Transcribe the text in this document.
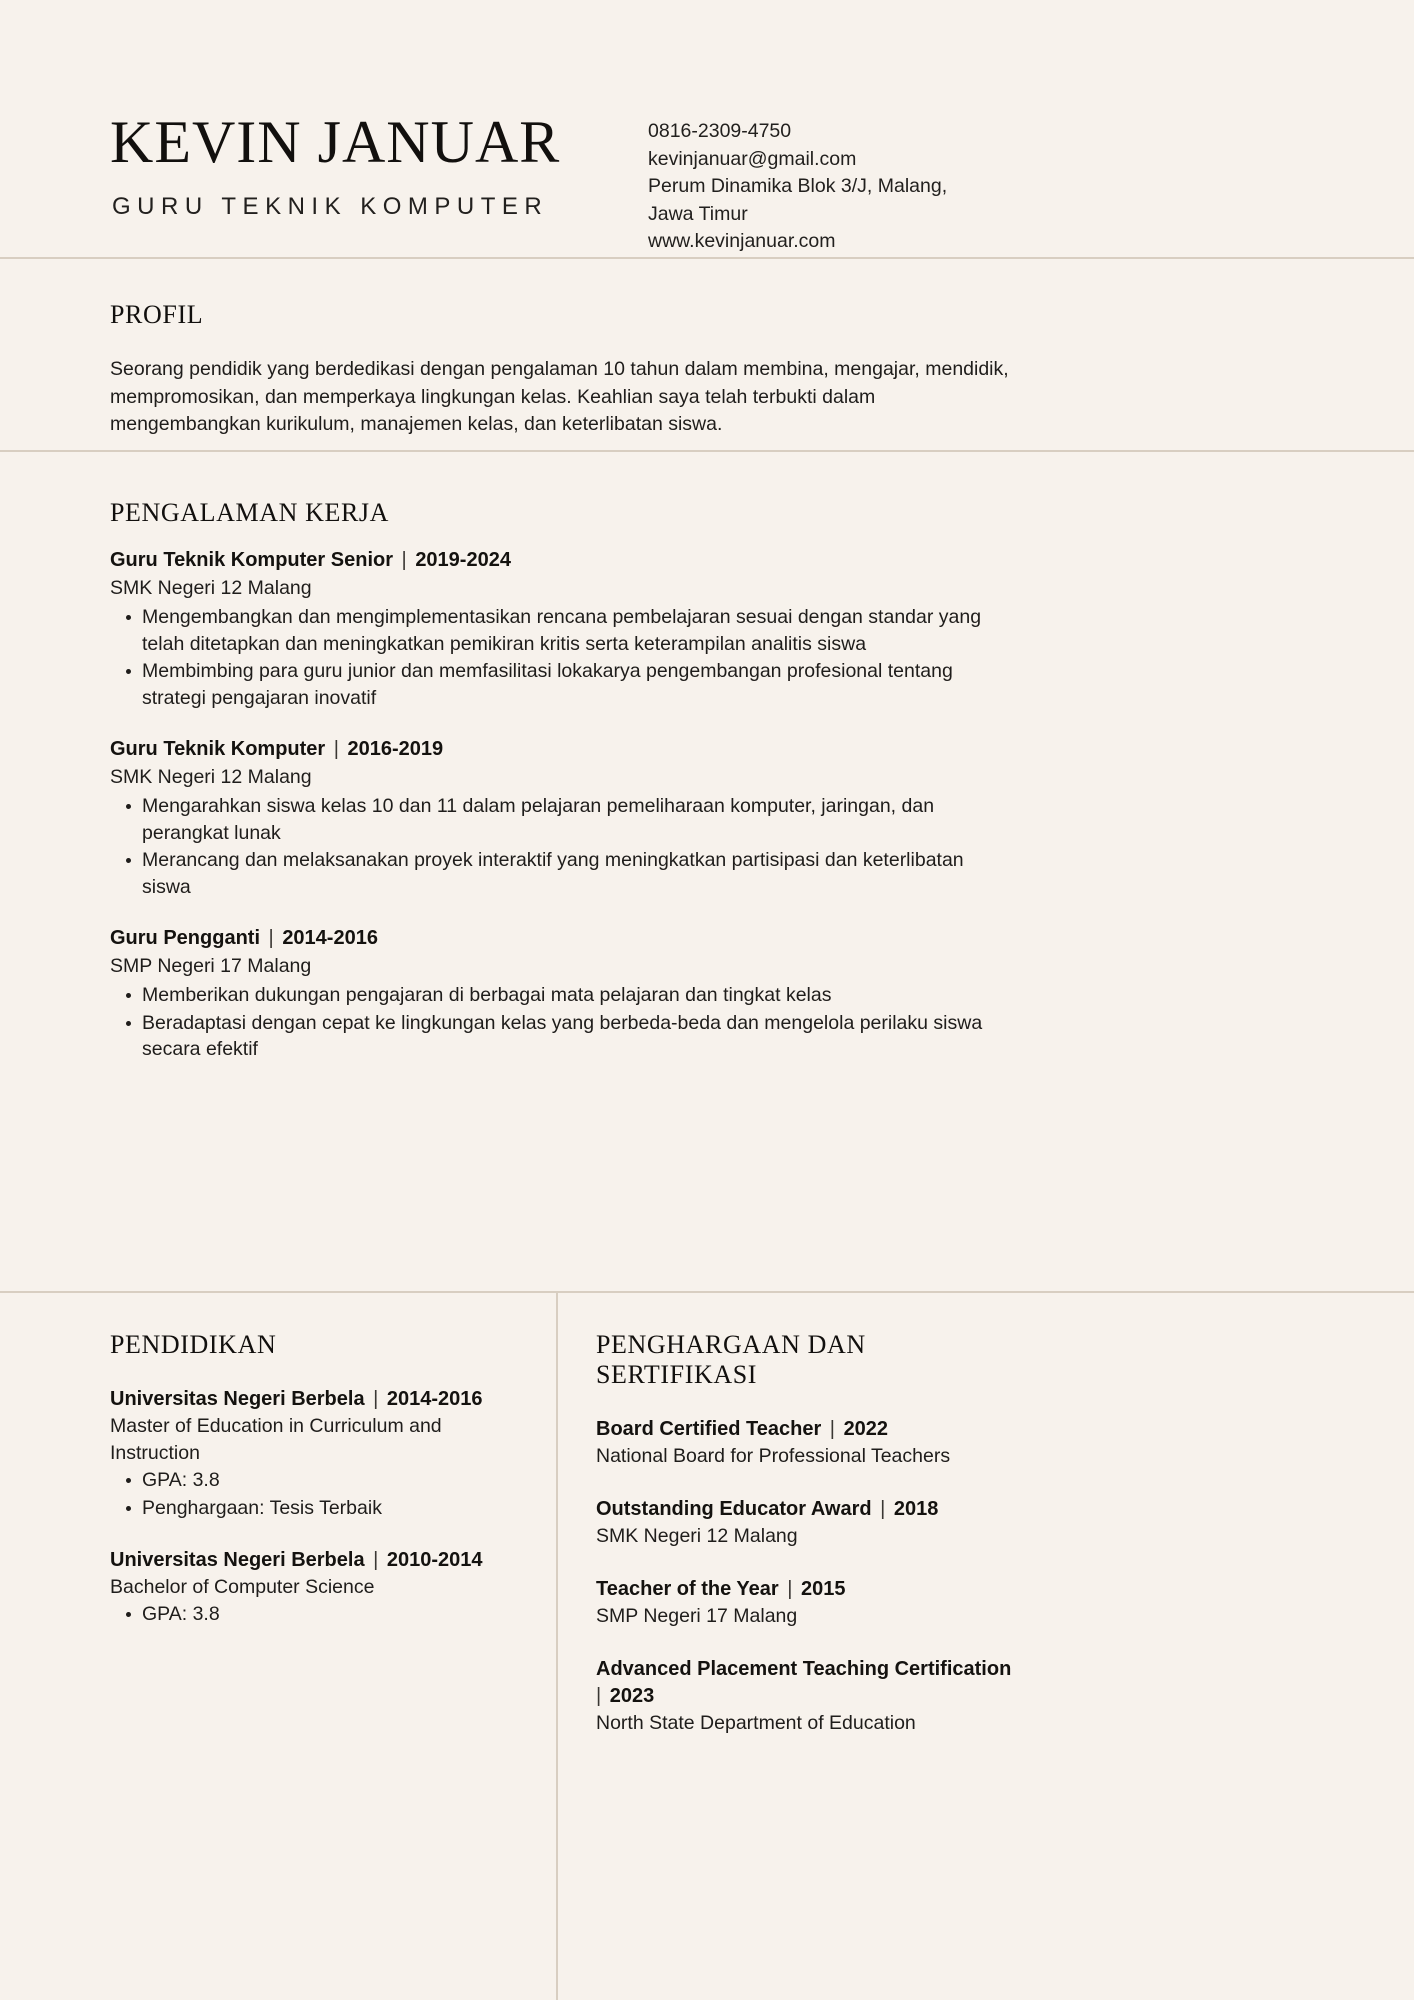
KEVIN JANUAR
GURU TEKNIK KOMPUTER
0816-2309-4750
kevinjanuar@gmail.com
Perum Dinamika Blok 3/J, Malang,
Jawa Timur
www.kevinjanuar.com
PROFIL

Seorang pendidik yang berdedikasi dengan pengalaman 10 tahun dalam membina, mengajar, mendidik, mempromosikan, dan memperkaya lingkungan kelas. Keahlian saya telah terbukti dalam mengembangkan kurikulum, manajemen kelas, dan keterlibatan siswa.

PENGALAMAN KERJA
Guru Teknik Komputer Senior | 2019-2024
SMK Negeri 12 Malang
Mengembangkan dan mengimplementasikan rencana pembelajaran sesuai dengan standar yang telah ditetapkan dan meningkatkan pemikiran kritis serta keterampilan analitis siswa
Membimbing para guru junior dan memfasilitasi lokakarya pengembangan profesional tentang strategi pengajaran inovatif
Guru Teknik Komputer | 2016-2019
SMK Negeri 12 Malang
Mengarahkan siswa kelas 10 dan 11 dalam pelajaran pemeliharaan komputer, jaringan, dan perangkat lunak
Merancang dan melaksanakan proyek interaktif yang meningkatkan partisipasi dan keterlibatan siswa
Guru Pengganti | 2014-2016
SMP Negeri 17 Malang
Memberikan dukungan pengajaran di berbagai mata pelajaran dan tingkat kelas
Beradaptasi dengan cepat ke lingkungan kelas yang berbeda-beda dan mengelola perilaku siswa secara efektif
PENDIDIKAN
Universitas Negeri Berbela | 2014-2016
Master of Education in Curriculum and Instruction
GPA: 3.8
Penghargaan: Tesis Terbaik
Universitas Negeri Berbela | 2010-2014
Bachelor of Computer Science
GPA: 3.8
PENGHARGAAN DAN SERTIFIKASI
Board Certified Teacher | 2022
National Board for Professional Teachers
Outstanding Educator Award | 2018
SMK Negeri 12 Malang
Teacher of the Year | 2015
SMP Negeri 17 Malang
Advanced Placement Teaching Certification | 2023
North State Department of Education
